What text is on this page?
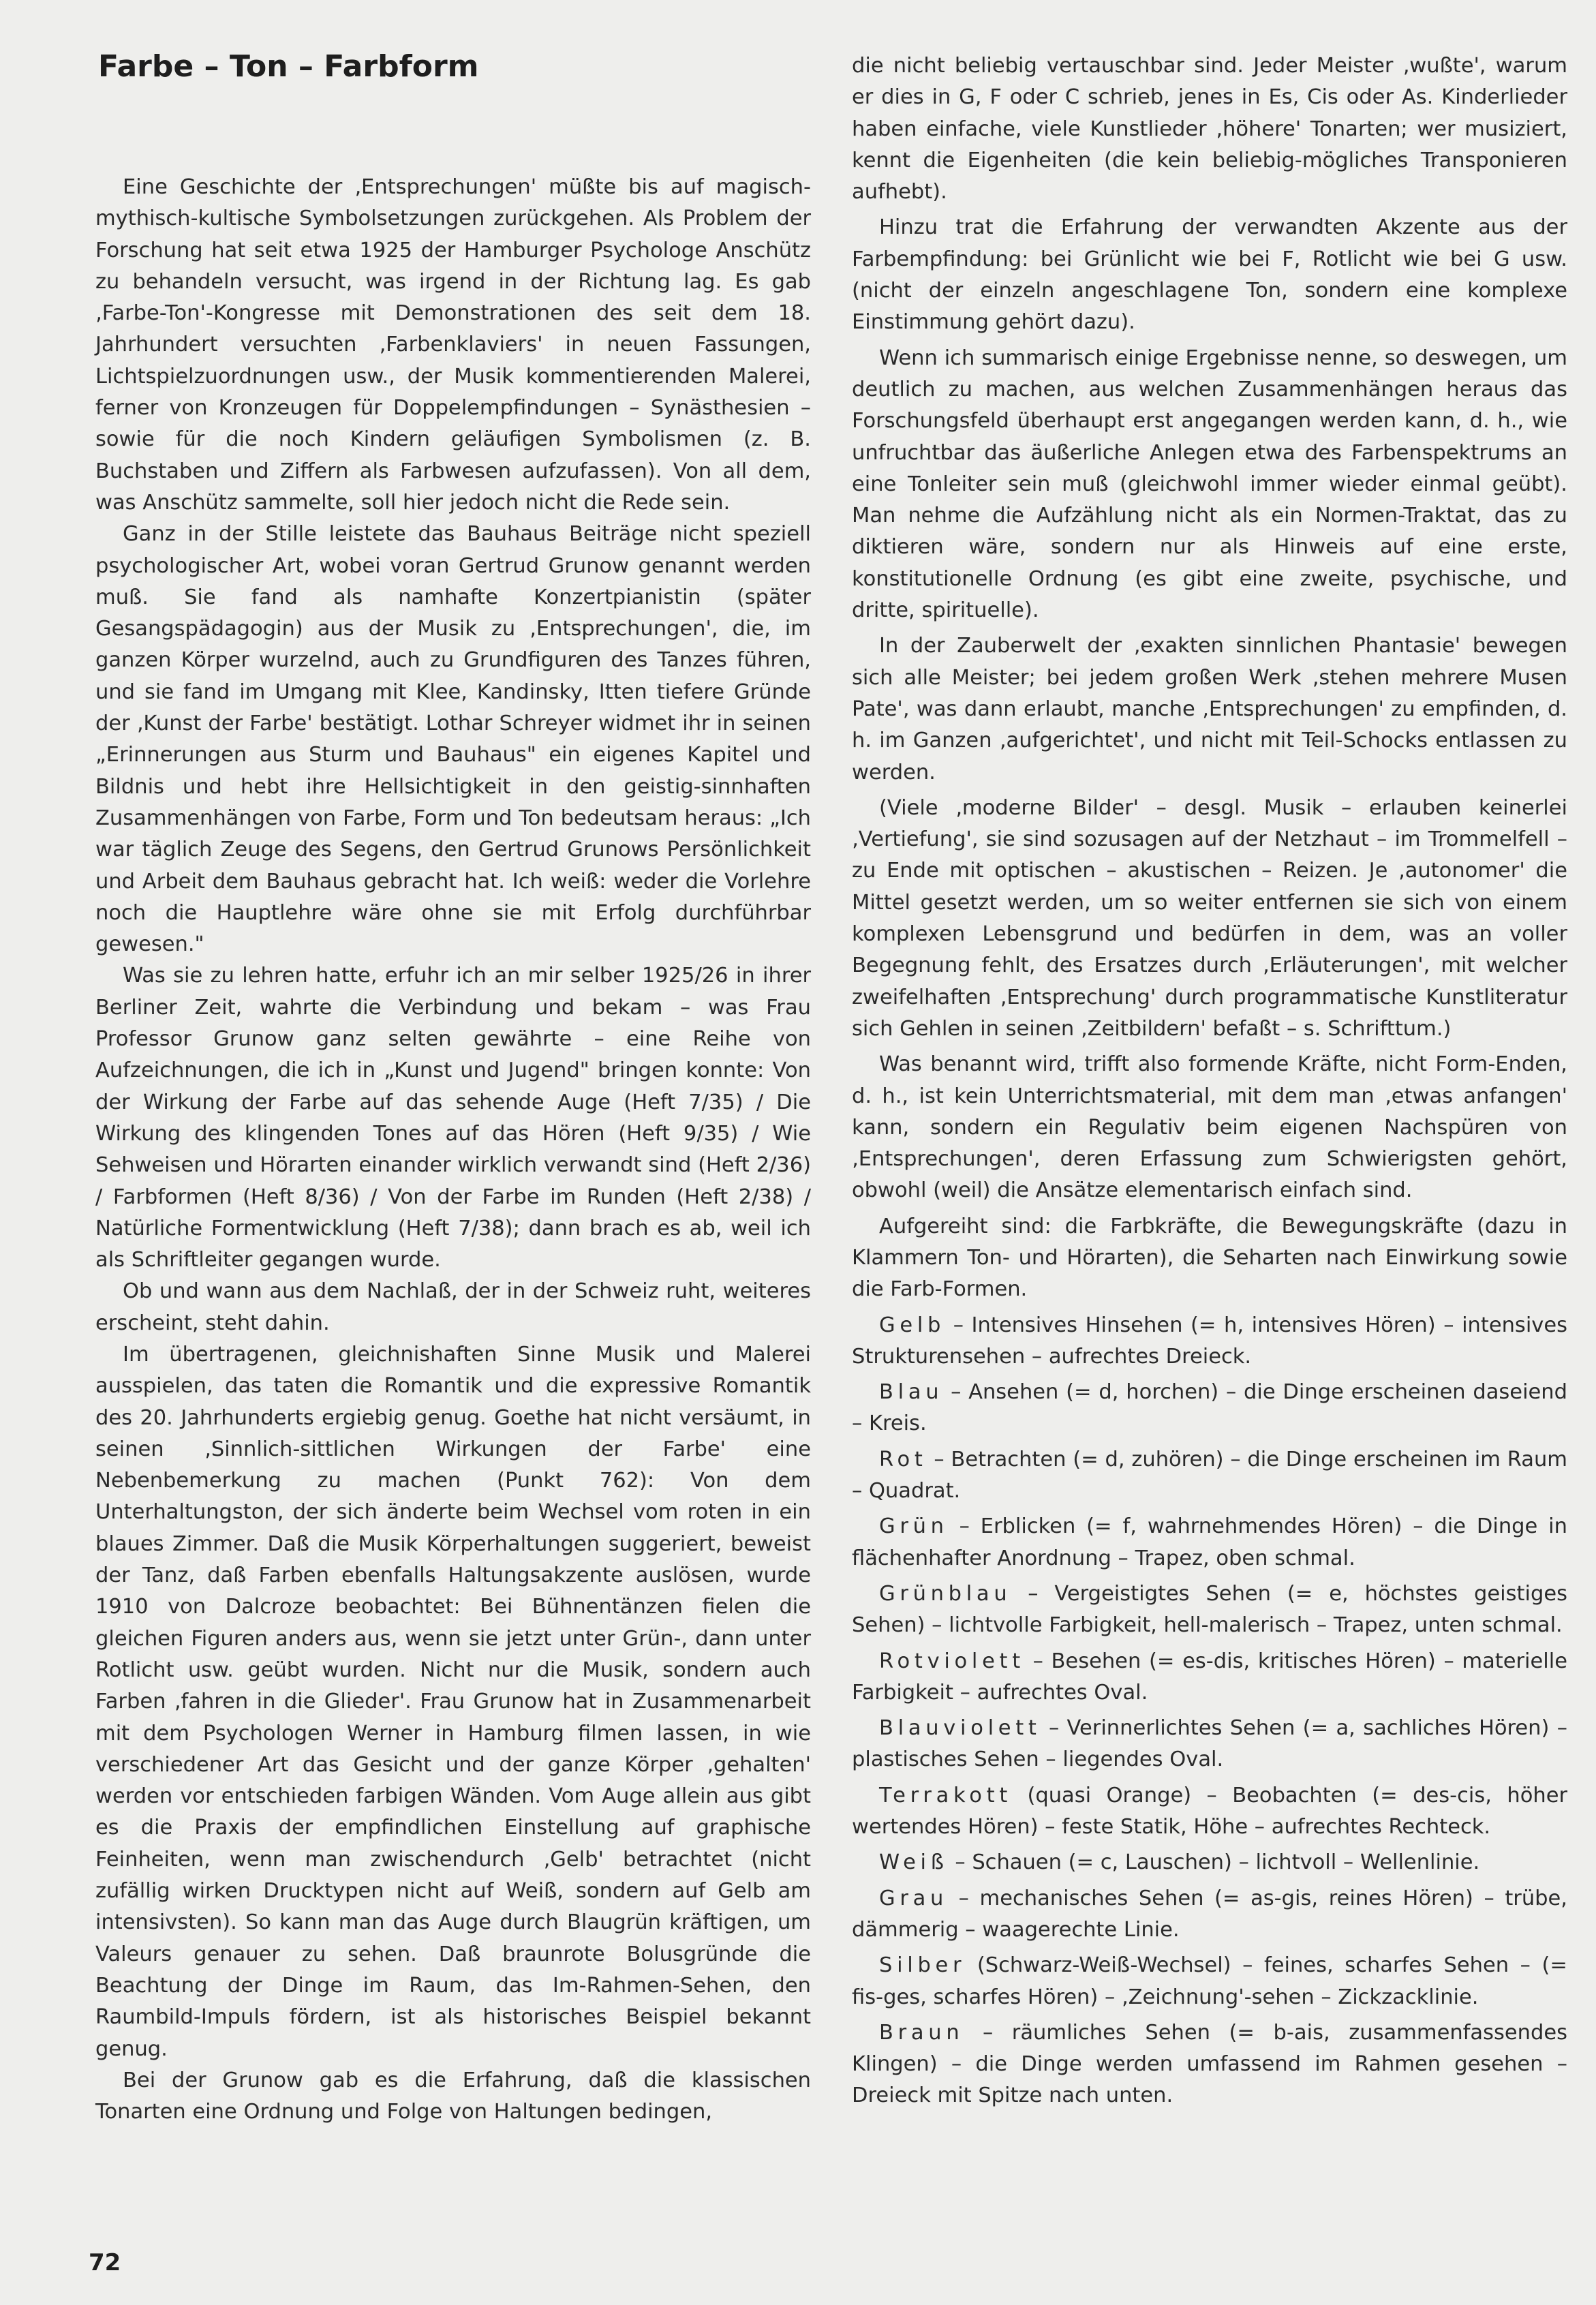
Farbe – Ton – Farbform

Eine Geschichte der ‚Entsprechungen' müßte bis auf magisch-mythisch-kultische Symbolsetzungen zurückgehen. Als Problem der Forschung hat seit etwa 1925 der Hamburger Psychologe Anschütz zu behandeln versucht, was irgend in der Richtung lag. Es gab ‚Farbe-Ton'-Kongresse mit Demonstrationen des seit dem 18. Jahrhundert versuchten ‚Farbenklaviers' in neuen Fassungen, Lichtspielzuordnungen usw., der Musik kommentierenden Malerei, ferner von Kronzeugen für Doppelempfindungen – Synästhesien – sowie für die noch Kindern geläufigen Symbolismen (z. B. Buchstaben und Ziffern als Farbwesen aufzufassen). Von all dem, was Anschütz sammelte, soll hier jedoch nicht die Rede sein.

Ganz in der Stille leistete das Bauhaus Beiträge nicht speziell psychologischer Art, wobei voran Gertrud Grunow genannt werden muß. Sie fand als namhafte Konzertpianistin (später Gesangspädagogin) aus der Musik zu ‚Entsprechungen', die, im ganzen Körper wurzelnd, auch zu Grundfiguren des Tanzes führen, und sie fand im Umgang mit Klee, Kandinsky, Itten tiefere Gründe der ‚Kunst der Farbe' bestätigt. Lothar Schreyer widmet ihr in seinen „Erinnerungen aus Sturm und Bauhaus" ein eigenes Kapitel und Bildnis und hebt ihre Hellsichtigkeit in den geistig-sinnhaften Zusammenhängen von Farbe, Form und Ton bedeutsam heraus: „Ich war täglich Zeuge des Segens, den Gertrud Grunows Persönlichkeit und Arbeit dem Bauhaus gebracht hat. Ich weiß: weder die Vorlehre noch die Hauptlehre wäre ohne sie mit Erfolg durchführbar gewesen."

Was sie zu lehren hatte, erfuhr ich an mir selber 1925/26 in ihrer Berliner Zeit, wahrte die Verbindung und bekam – was Frau Professor Grunow ganz selten gewährte – eine Reihe von Aufzeichnungen, die ich in „Kunst und Jugend" bringen konnte: Von der Wirkung der Farbe auf das sehende Auge (Heft 7/35) / Die Wirkung des klingenden Tones auf das Hören (Heft 9/35) / Wie Sehweisen und Hörarten einander wirklich verwandt sind (Heft 2/36) / Farbformen (Heft 8/36) / Von der Farbe im Runden (Heft 2/38) / Natürliche Formentwicklung (Heft 7/38); dann brach es ab, weil ich als Schriftleiter gegangen wurde.

Ob und wann aus dem Nachlaß, der in der Schweiz ruht, weiteres erscheint, steht dahin.

Im übertragenen, gleichnishaften Sinne Musik und Malerei ausspielen, das taten die Romantik und die expressive Romantik des 20. Jahrhunderts ergiebig genug. Goethe hat nicht versäumt, in seinen ‚Sinnlich-sittlichen Wirkungen der Farbe' eine Nebenbemerkung zu machen (Punkt 762): Von dem Unterhaltungston, der sich änderte beim Wechsel vom roten in ein blaues Zimmer. Daß die Musik Körperhaltungen suggeriert, beweist der Tanz, daß Farben ebenfalls Haltungsakzente auslösen, wurde 1910 von Dalcroze beobachtet: Bei Bühnentänzen fielen die gleichen Figuren anders aus, wenn sie jetzt unter Grün-, dann unter Rotlicht usw. geübt wurden. Nicht nur die Musik, sondern auch Farben ‚fahren in die Glieder'. Frau Grunow hat in Zusammenarbeit mit dem Psychologen Werner in Hamburg filmen lassen, in wie verschiedener Art das Gesicht und der ganze Körper ‚gehalten' werden vor entschieden farbigen Wänden. Vom Auge allein aus gibt es die Praxis der empfindlichen Einstellung auf graphische Feinheiten, wenn man zwischendurch ‚Gelb' betrachtet (nicht zufällig wirken Drucktypen nicht auf Weiß, sondern auf Gelb am intensivsten). So kann man das Auge durch Blaugrün kräftigen, um Valeurs genauer zu sehen. Daß braunrote Bolusgründe die Beachtung der Dinge im Raum, das Im-Rahmen-Sehen, den Raumbild-Impuls fördern, ist als historisches Beispiel bekannt genug.

Bei der Grunow gab es die Erfahrung, daß die klassischen Tonarten eine Ordnung und Folge von Haltungen bedingen,

die nicht beliebig vertauschbar sind. Jeder Meister ‚wußte', warum er dies in G, F oder C schrieb, jenes in Es, Cis oder As. Kinderlieder haben einfache, viele Kunstlieder ‚höhere' Tonarten; wer musiziert, kennt die Eigenheiten (die kein beliebig-mögliches Transponieren aufhebt).

Hinzu trat die Erfahrung der verwandten Akzente aus der Farbempfindung: bei Grünlicht wie bei F, Rotlicht wie bei G usw. (nicht der einzeln angeschlagene Ton, sondern eine komplexe Einstimmung gehört dazu).

Wenn ich summarisch einige Ergebnisse nenne, so deswegen, um deutlich zu machen, aus welchen Zusammenhängen heraus das Forschungsfeld überhaupt erst angegangen werden kann, d. h., wie unfruchtbar das äußerliche Anlegen etwa des Farbenspektrums an eine Tonleiter sein muß (gleichwohl immer wieder einmal geübt). Man nehme die Aufzählung nicht als ein Normen-Traktat, das zu diktieren wäre, sondern nur als Hinweis auf eine erste, konstitutionelle Ordnung (es gibt eine zweite, psychische, und dritte, spirituelle).

In der Zauberwelt der ‚exakten sinnlichen Phantasie' bewegen sich alle Meister; bei jedem großen Werk ‚stehen mehrere Musen Pate', was dann erlaubt, manche ‚Entsprechungen' zu empfinden, d. h. im Ganzen ‚aufgerichtet', und nicht mit Teil-Schocks entlassen zu werden.

(Viele ‚moderne Bilder' – desgl. Musik – erlauben keinerlei ‚Vertiefung', sie sind sozusagen auf der Netzhaut – im Trommelfell – zu Ende mit optischen – akustischen – Reizen. Je ‚autonomer' die Mittel gesetzt werden, um so weiter entfernen sie sich von einem komplexen Lebensgrund und bedürfen in dem, was an voller Begegnung fehlt, des Ersatzes durch ‚Erläuterungen', mit welcher zweifelhaften ‚Entsprechung' durch programmatische Kunstliteratur sich Gehlen in seinen ‚Zeitbildern' befaßt – s. Schrifttum.)

Was benannt wird, trifft also formende Kräfte, nicht Form-Enden, d. h., ist kein Unterrichtsmaterial, mit dem man ‚etwas anfangen' kann, sondern ein Regulativ beim eigenen Nachspüren von ‚Entsprechungen', deren Erfassung zum Schwierigsten gehört, obwohl (weil) die Ansätze elementarisch einfach sind.

Aufgereiht sind: die Farbkräfte, die Bewegungskräfte (dazu in Klammern Ton- und Hörarten), die Seharten nach Einwirkung sowie die Farb-Formen.

Gelb – Intensives Hinsehen (= h, intensives Hören) – intensives Strukturensehen – aufrechtes Dreieck.

Blau – Ansehen (= d, horchen) – die Dinge erscheinen daseiend – Kreis.

Rot – Betrachten (= d, zuhören) – die Dinge erscheinen im Raum – Quadrat.

Grün – Erblicken (= f, wahrnehmendes Hören) – die Dinge in flächenhafter Anordnung – Trapez, oben schmal.

Grünblau – Vergeistigtes Sehen (= e, höchstes geistiges Sehen) – lichtvolle Farbigkeit, hell-malerisch – Trapez, unten schmal.

Rotviolett – Besehen (= es-dis, kritisches Hören) – materielle Farbigkeit – aufrechtes Oval.

Blauviolett – Verinnerlichtes Sehen (= a, sachliches Hören) – plastisches Sehen – liegendes Oval.

Terrakott (quasi Orange) – Beobachten (= des-cis, höher wertendes Hören) – feste Statik, Höhe – aufrechtes Rechteck.

Weiß – Schauen (= c, Lauschen) – lichtvoll – Wellenlinie.

Grau – mechanisches Sehen (= as-gis, reines Hören) – trübe, dämmerig – waagerechte Linie.

Silber (Schwarz-Weiß-Wechsel) – feines, scharfes Sehen – (= fis-ges, scharfes Hören) – ‚Zeichnung'-sehen – Zickzacklinie.

Braun – räumliches Sehen (= b-ais, zusammenfassendes Klingen) – die Dinge werden umfassend im Rahmen gesehen – Dreieck mit Spitze nach unten.

72
